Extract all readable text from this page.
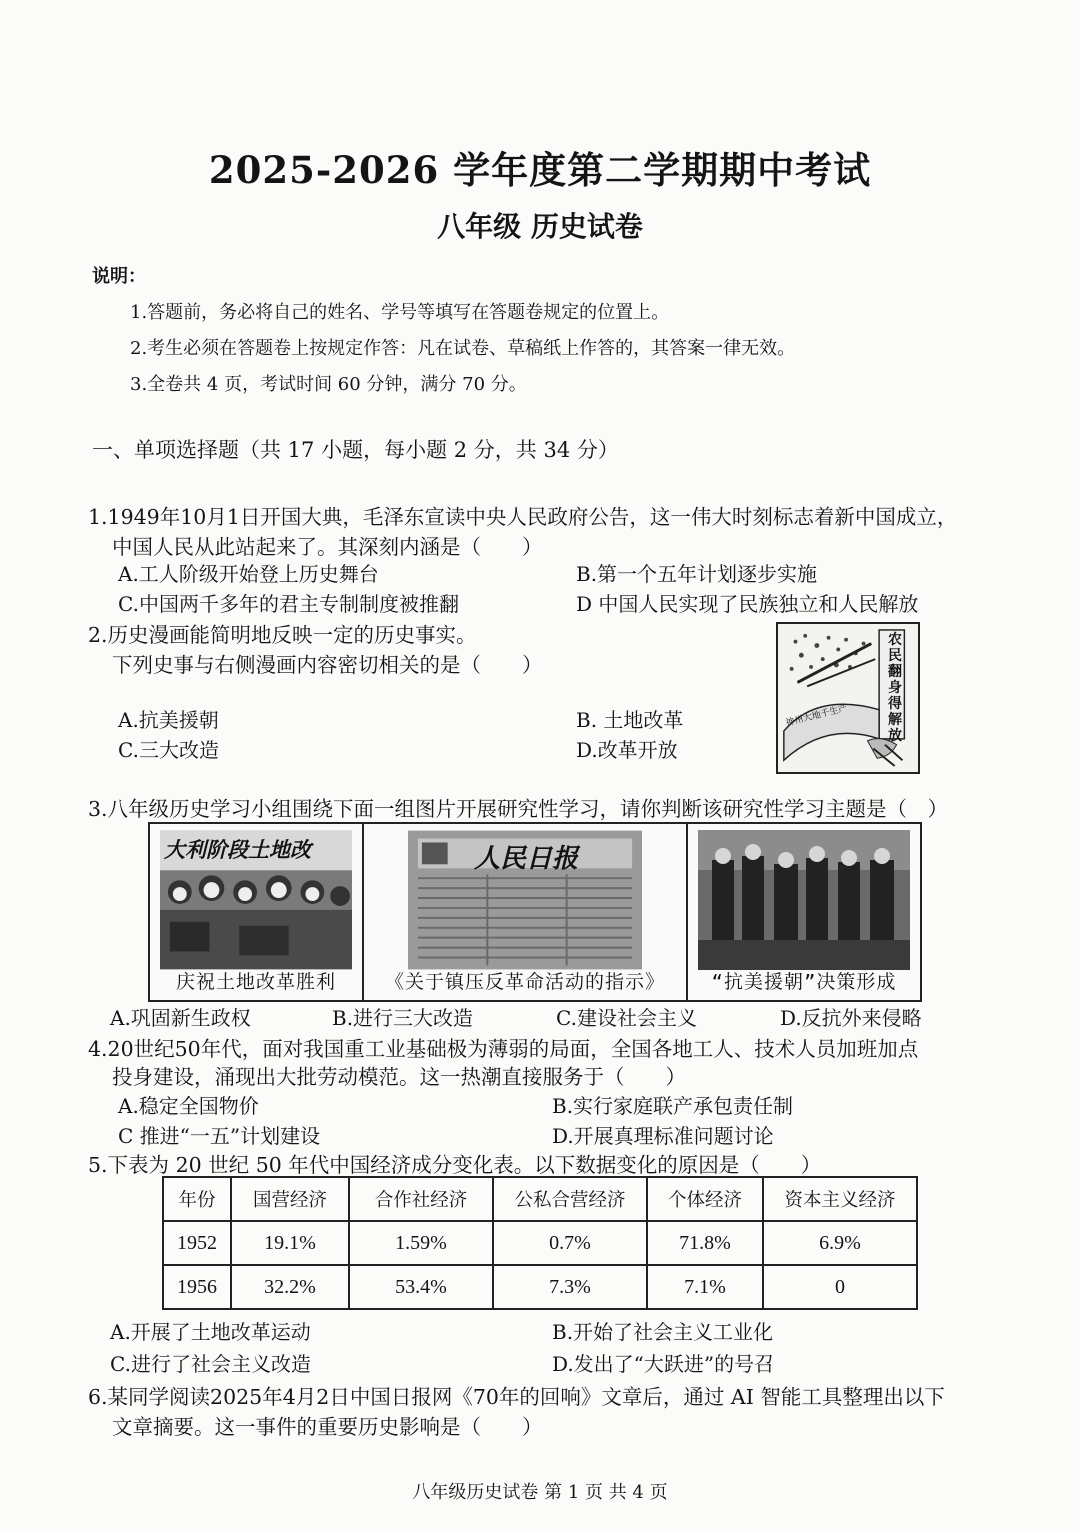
2025-2026 学年度第二学期期中考试
八年级 历史试卷
说明：
1.答题前，务必将自己的姓名、学号等填写在答题卷规定的位置上。
2.考生必须在答题卷上按规定作答：凡在试卷、草稿纸上作答的，其答案一律无效。
3.全卷共 4 页，考试时间 60 分钟，满分 70 分。
一、单项选择题（共 17 小题，每小题 2 分，共 34 分）
1.1949年10月1日开国大典，毛泽东宣读中央人民政府公告，这一伟大时刻标志着新中国成立，
中国人民从此站起来了。其深刻内涵是（　　）
A.工人阶级开始登上历史舞台	B.第一个五年计划逐步实施
C.中国两千多年的君主专制制度被推翻	D 中国人民实现了民族独立和人民解放
2.历史漫画能简明地反映一定的历史事实。
下列史事与右侧漫画内容密切相关的是（　　）
A.抗美援朝	B. 土地改革
C.三大改造	D.改革开放
农民翻身得解放
神州大地千生产
3.八年级历史学习小组围绕下面一组图片开展研究性学习，请你判断该研究性学习主题是（　）
大利阶段土地改
庆祝土地改革胜利
人民日报
《关于镇压反革命活动的指示》	“抗美援朝”决策形成
A.巩固新生政权	B.进行三大改造	C.建设社会主义	D.反抗外来侵略
4.20世纪50年代，面对我国重工业基础极为薄弱的局面，全国各地工人、技术人员加班加点
投身建设，涌现出大批劳动模范。这一热潮直接服务于（　　）
A.稳定全国物价	B.实行家庭联产承包责任制
C 推进“一五”计划建设	D.开展真理标准问题讨论
5.下表为 20 世纪 50 年代中国经济成分变化表。以下数据变化的原因是（　　）
年份	国营经济	合作社经济	公私合营经济	个体经济	资本主义经济
1952	19.1%	1.59%	0.7%	71.8%	6.9%
1956	32.2%	53.4%	7.3%	7.1%	0
A.开展了土地改革运动	B.开始了社会主义工业化
C.进行了社会主义改造	D.发出了“大跃进”的号召
6.某同学阅读2025年4月2日中国日报网《70年的回响》文章后，通过 AI 智能工具整理出以下
文章摘要。这一事件的重要历史影响是（　　）
八年级历史试卷 第 1 页 共 4 页
